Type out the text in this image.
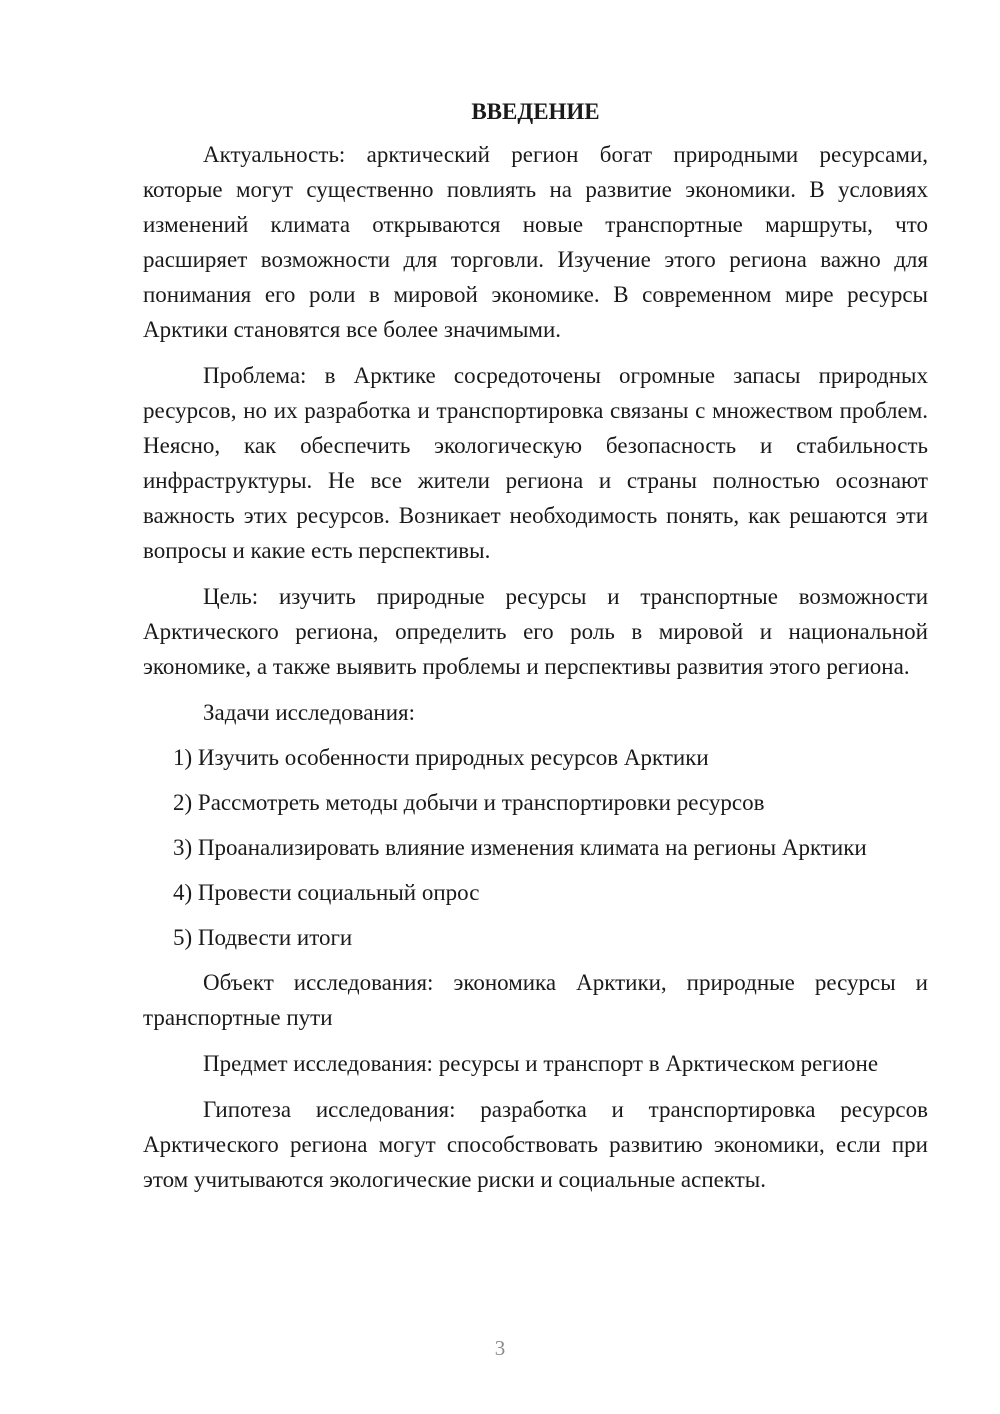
ВВЕДЕНИЕ

Актуальность: арктический регион богат природными ресурсами, которые могут существенно повлиять на развитие экономики. В условиях изменений климата открываются новые транспортные маршруты, что расширяет возможности для торговли. Изучение этого региона важно для понимания его роли в мировой экономике. В современном мире ресурсы Арктики становятся все более значимыми.

Проблема: в Арктике сосредоточены огромные запасы природных ресурсов, но их разработка и транспортировка связаны с множеством проблем. Неясно, как обеспечить экологическую безопасность и стабильность инфраструктуры. Не все жители региона и страны полностью осознают важность этих ресурсов. Возникает необходимость понять, как решаются эти вопросы и какие есть перспективы.

Цель: изучить природные ресурсы и транспортные возможности Арктического региона, определить его роль в мировой и национальной экономике, а также выявить проблемы и перспективы развития этого региона.

Задачи исследования:

1) Изучить особенности природных ресурсов Арктики

2) Рассмотреть методы добычи и транспортировки ресурсов

3) Проанализировать влияние изменения климата на регионы Арктики

4) Провести социальный опрос

5) Подвести итоги

Объект исследования: экономика Арктики, природные ресурсы и транспортные пути

Предмет исследования: ресурсы и транспорт в Арктическом регионе

Гипотеза исследования: разработка и транспортировка ресурсов Арктического региона могут способствовать развитию экономики, если при этом учитываются экологические риски и социальные аспекты.

3
